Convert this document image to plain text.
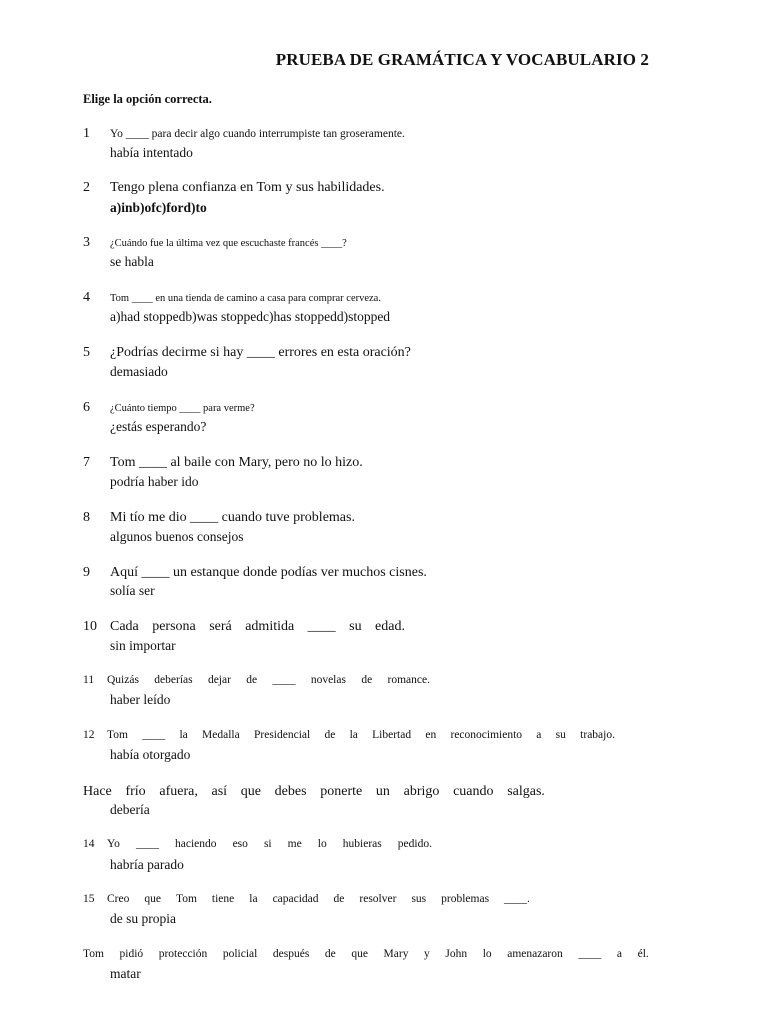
PRUEBA DE GRAMÁTICA Y VOCABULARIO 2
Elige la opción correcta.
1	Yo ____ para decir algo cuando interrumpiste tan groseramente.
había intentado
2	Tengo plena confianza en Tom y sus habilidades.
a)inb)ofc)ford)to
3	¿Cuándo fue la última vez que escuchaste francés ____?
se habla
4	Tom ____ en una tienda de camino a casa para comprar cerveza.
a)had stoppedb)was stoppedc)has stoppedd)stopped
5	¿Podrías decirme si hay ____ errores en esta oración?
demasiado
6	¿Cuánto tiempo ____ para verme?
¿estás esperando?
7	Tom ____ al baile con Mary, pero no lo hizo.
podría haber ido
8	Mi tío me dio ____ cuando tuve problemas.
algunos buenos consejos
9	Aquí ____ un estanque donde podías ver muchos cisnes.
solía ser
10 Cada persona será admitida ____ su edad.
sin importar
11	Quizás deberías dejar de ____ novelas de romance.
haber leído
12	Tom ____ la Medalla Presidencial de la Libertad en reconocimiento a su trabajo.
había otorgado
Hace frío afuera, así que debes ponerte un abrigo cuando salgas.
debería
14	Yo ____ haciendo eso si me lo hubieras pedido.
habría parado
15	Creo que Tom tiene la capacidad de resolver sus problemas ____.
de su propia
Tom pidió protección policial después de que Mary y John lo amenazaron ____ a él.
matar
